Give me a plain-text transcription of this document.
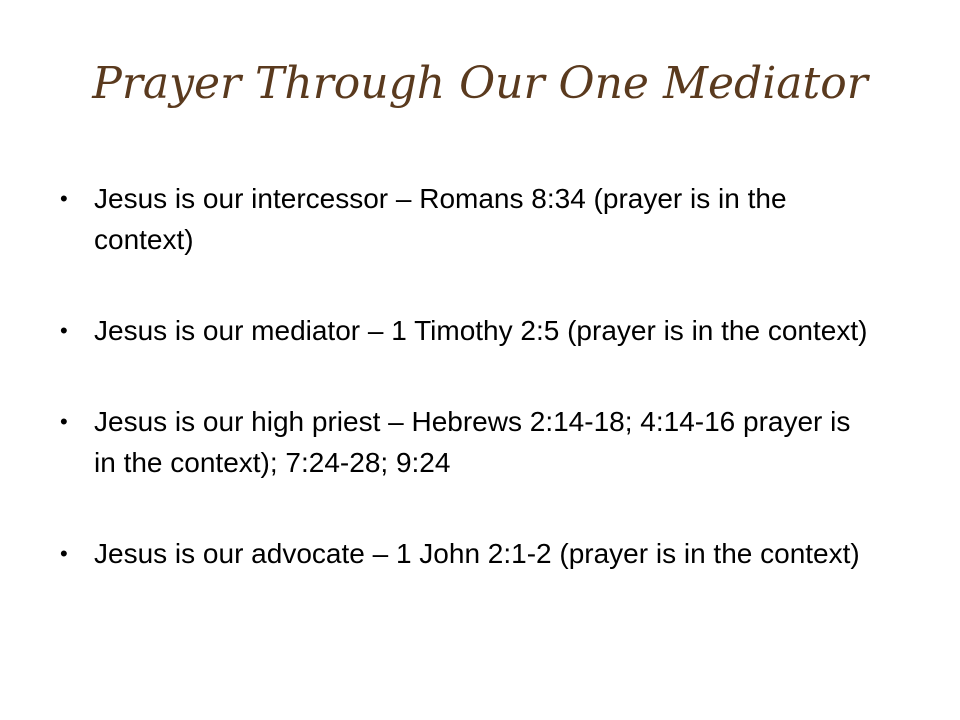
Prayer Through Our One Mediator
• Jesus is our intercessor – Romans 8:34 (prayer is in the context)
• Jesus is our mediator – 1 Timothy 2:5 (prayer is in the context)
• Jesus is our high priest – Hebrews 2:14-18; 4:14-16 prayer is in the context); 7:24-28; 9:24
• Jesus is our advocate – 1 John 2:1-2 (prayer is in the context)
